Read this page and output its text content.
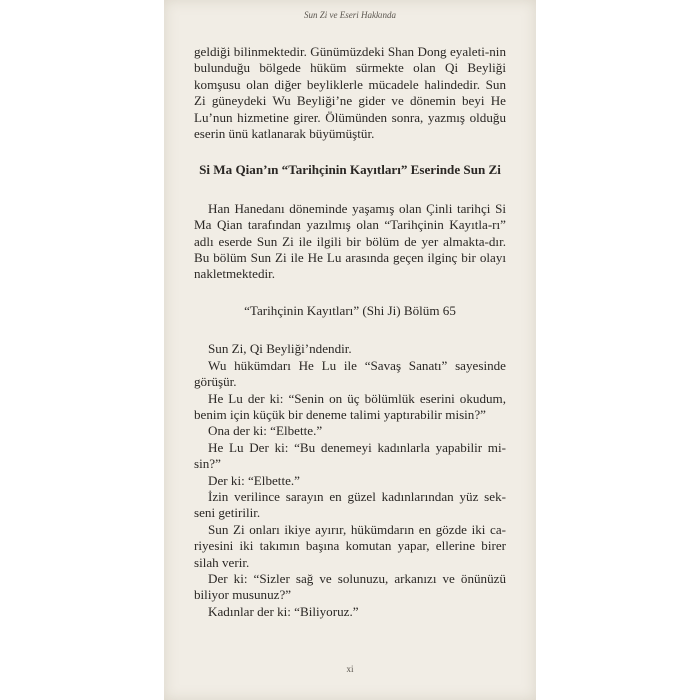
Sun Zi ve Eseri Hakkında

geldiği bilinmektedir. Günümüzdeki Shan Dong eyaleti-nin bulunduğu bölgede hüküm sürmekte olan Qi Beyliği komşusu olan diğer beyliklerle mücadele halindedir. Sun Zi güneydeki Wu Beyliği’ne gider ve dönemin beyi He Lu’nun hizmetine girer. Ölümünden sonra, yazmış olduğu eserin ünü katlanarak büyümüştür.

Si Ma Qian’ın “Tarihçinin Kayıtları” Eserinde Sun Zi

Han Hanedanı döneminde yaşamış olan Çinli tarihçi Si Ma Qian tarafından yazılmış olan “Tarihçinin Kayıtla-rı” adlı eserde Sun Zi ile ilgili bir bölüm de yer almakta-dır. Bu bölüm Sun Zi ile He Lu arasında geçen ilginç bir olayı nakletmektedir.

“Tarihçinin Kayıtları” (Shi Ji) Bölüm 65

Sun Zi, Qi Beyliği’ndendir.

Wu hükümdarı He Lu ile “Savaş Sanatı” sayesinde görüşür.

He Lu der ki: “Senin on üç bölümlük eserini okudum, benim için küçük bir deneme talimi yaptırabilir misin?”

Ona der ki: “Elbette.”

He Lu Der ki: “Bu denemeyi kadınlarla yapabilir mi-sin?”

Der ki: “Elbette.”

İzin verilince sarayın en güzel kadınlarından yüz sek-seni getirilir.

Sun Zi onları ikiye ayırır, hükümdarın en gözde iki ca-riyesini iki takımın başına komutan yapar, ellerine birer silah verir.

Der ki: “Sizler sağ ve solunuzu, arkanızı ve önünüzü biliyor musunuz?”

Kadınlar der ki: “Biliyoruz.”

xi
